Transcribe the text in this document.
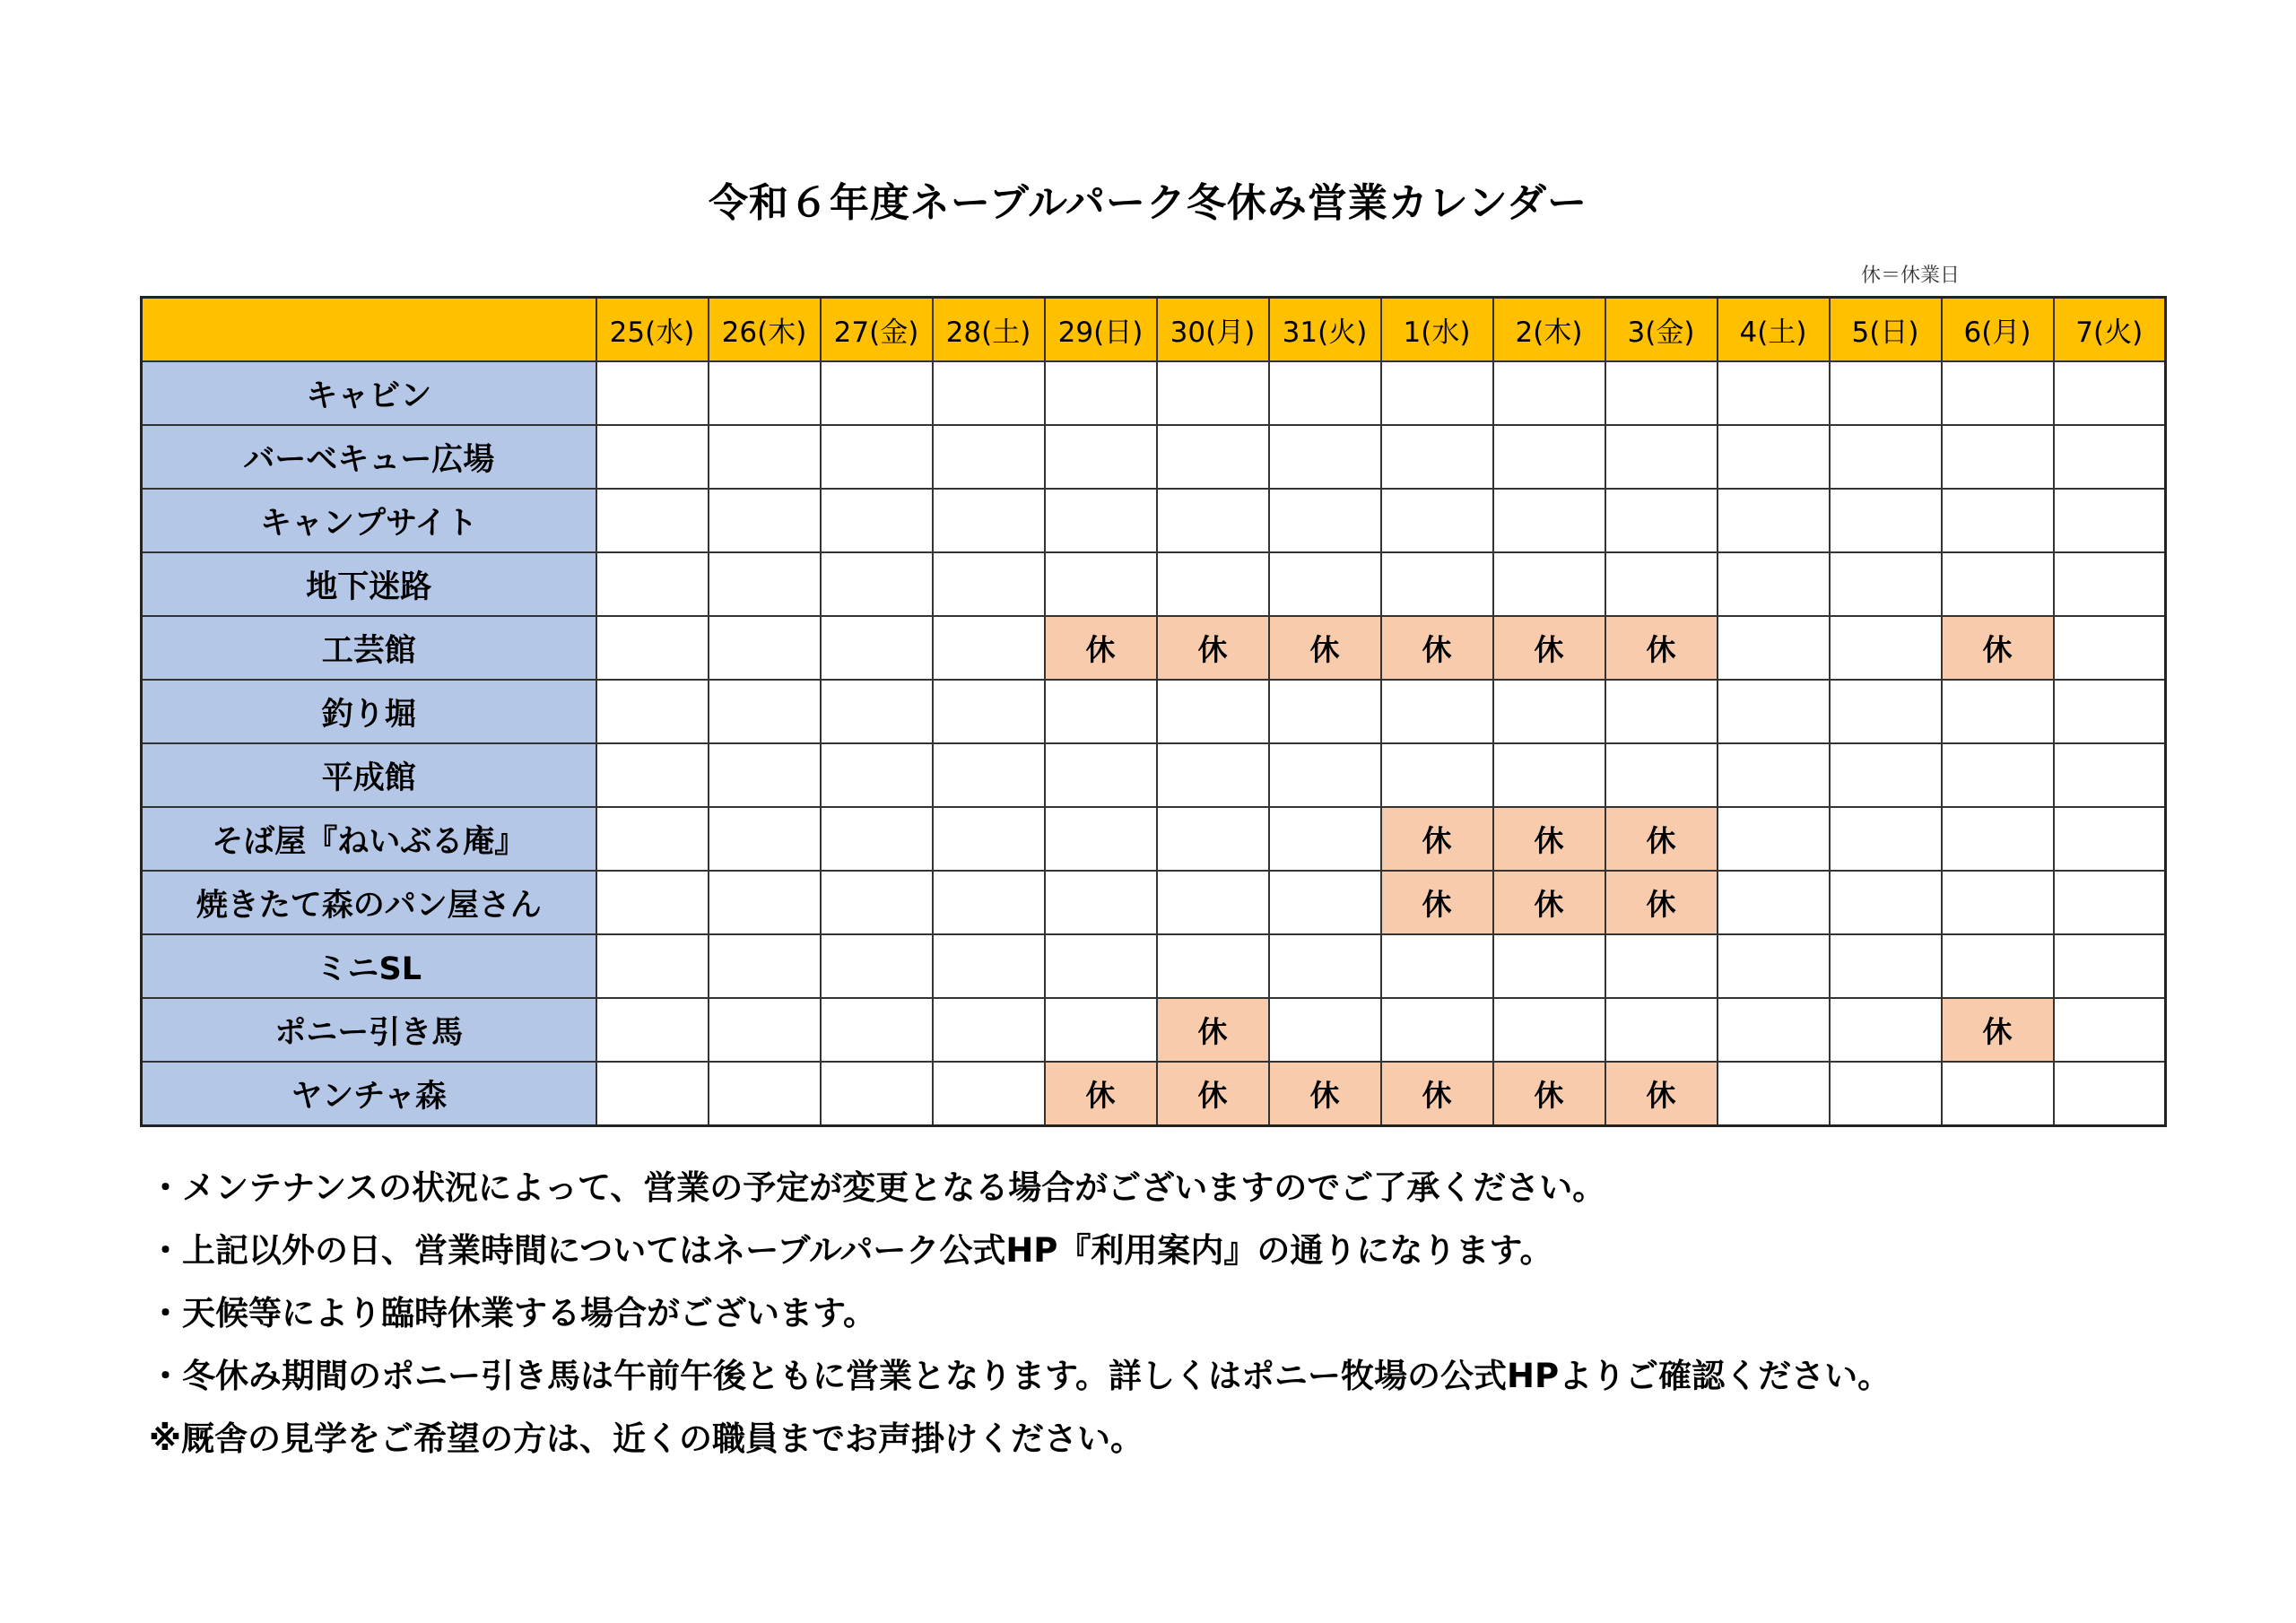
令和６年度ネーブルパーク冬休み営業カレンダー
休＝休業日
	25(水)	26(木)	27(金)	28(土)	29(日)	30(月)	31(火)	1(水)	2(木)	3(金)	4(土)	5(日)	6(月)	7(火)
キャビン														
バーベキュー広場														
キャンプサイト														
地下迷路														
工芸館					休	休	休	休	休	休			休	
釣り堀														
平成館														
そば屋『ねいぶる庵』								休	休	休				
焼きたて森のパン屋さん								休	休	休				
ミニSL														
ポニー引き馬						休							休	
ヤンチャ森					休	休	休	休	休	休				
・メンテナンスの状況によって、営業の予定が変更となる場合がございますのでご了承ください。
・上記以外の日、営業時間についてはネーブルパーク公式HP『利用案内』の通りになります。
・天候等により臨時休業する場合がございます。
・冬休み期間のポニー引き馬は午前午後ともに営業となります。詳しくはポニー牧場の公式HPよりご確認ください。
※厩舎の見学をご希望の方は、近くの職員までお声掛けください。
